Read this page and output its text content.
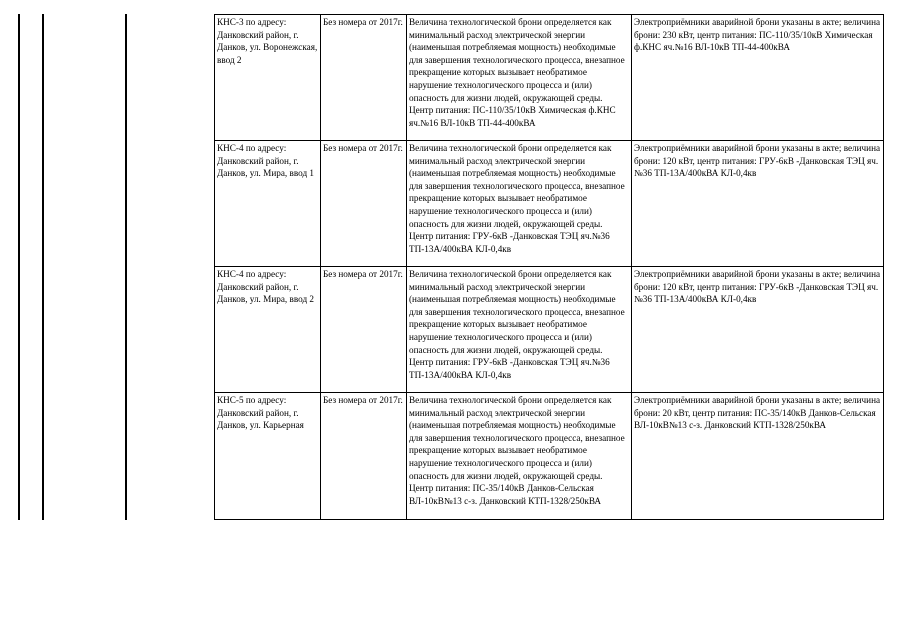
КНС-3 по адресу: Данковский район, г. Данков, ул. Воронежская, ввод 2	Без номера от 2017г.	Величина технологической брони определяется как минимальный расход электрической энергии (наименьшая потребляемая мощность) необходимые для завершения технологического процесса, внезапное прекращение которых вызывает необратимое нарушение технологического процесса и (или) опасность для жизни людей, окружающей среды. Центр питания: ПС-110/35/10кВ Химическая ф.КНС яч.№16 ВЛ-10кВ ТП-44-400кВА	Электроприёмники аварийной брони указаны в акте; величина брони: 230 кВт, центр питания: ПС-110/35/10кВ Химическая ф.КНС яч.№16 ВЛ-10кВ ТП-44-400кВА
КНС-4 по адресу: Данковский район, г. Данков, ул. Мира, ввод 1	Без номера от 2017г.	Величина технологической брони определяется как минимальный расход электрической энергии (наименьшая потребляемая мощность) необходимые для завершения технологического процесса, внезапное прекращение которых вызывает необратимое нарушение технологического процесса и (или) опасность для жизни людей, окружающей среды. Центр питания: ГРУ-6кВ -Данковская ТЭЦ яч.№36 ТП-13А/400кВА КЛ-0,4кв	Электроприёмники аварийной брони указаны в акте; величина брони: 120 кВт, центр питания: ГРУ-6кВ -Данковская ТЭЦ яч.№36 ТП-13А/400кВА КЛ-0,4кв
КНС-4 по адресу: Данковский район, г. Данков, ул. Мира, ввод 2	Без номера от 2017г.	Величина технологической брони определяется как минимальный расход электрической энергии (наименьшая потребляемая мощность) необходимые для завершения технологического процесса, внезапное прекращение которых вызывает необратимое нарушение технологического процесса и (или) опасность для жизни людей, окружающей среды. Центр питания: ГРУ-6кВ -Данковская ТЭЦ яч.№36 ТП-13А/400кВА КЛ-0,4кв	Электроприёмники аварийной брони указаны в акте; величина брони: 120 кВт, центр питания: ГРУ-6кВ -Данковская ТЭЦ яч.№36 ТП-13А/400кВА КЛ-0,4кв
КНС-5 по адресу: Данковский район, г. Данков, ул. Карьерная	Без номера от 2017г.	Величина технологической брони определяется как минимальный расход электрической энергии (наименьшая потребляемая мощность) необходимые для завершения технологического процесса, внезапное прекращение которых вызывает необратимое нарушение технологического процесса и (или) опасность для жизни людей, окружающей среды. Центр питания: ПС-35/140кВ Данков-Сельская ВЛ-10кВ№13 с-з. Данковский КТП-1328/250кВА	Электроприёмники аварийной брони указаны в акте; величина брони: 20 кВт, центр питания: ПС-35/140кВ Данков-Сельская ВЛ-10кВ№13 с-з. Данковский КТП-1328/250кВА
